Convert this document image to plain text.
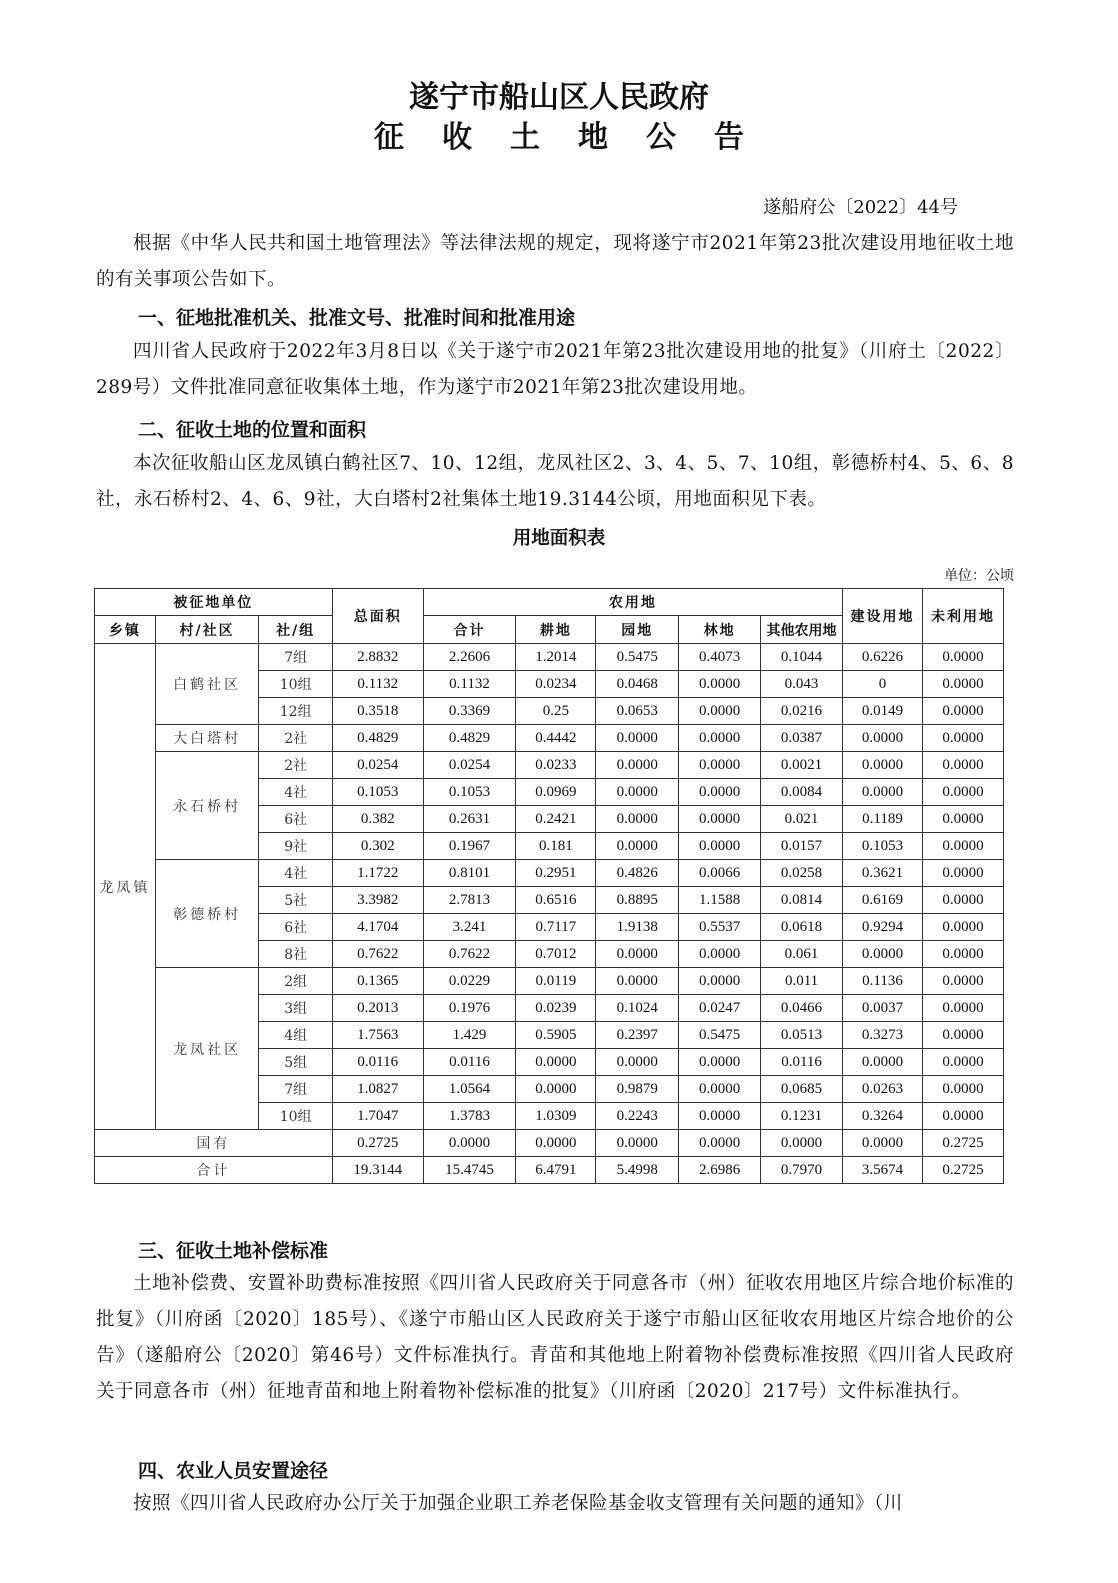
遂宁市船山区人民政府
征收土地公告
遂船府公〔2022〕44号
根据《中华人民共和国土地管理法》等法律法规的规定，现将遂宁市2021年第23批次建设用地征收土地的有关事项公告如下。
一、征地批准机关、批准文号、批准时间和批准用途
四川省人民政府于2022年3月8日以《关于遂宁市2021年第23批次建设用地的批复》（川府土〔2022〕289号）文件批准同意征收集体土地，作为遂宁市2021年第23批次建设用地。
二、征收土地的位置和面积
本次征收船山区龙凤镇白鹤社区7、10、12组，龙凤社区2、3、4、5、7、10组，彰德桥村4、5、6、8社，永石桥村2、4、6、9社，大白塔村2社集体土地19.3144公顷，用地面积见下表。
用地面积表
单位：公顷
被征地单位			总面积	农用地					建设用地	未利用地
乡镇	村/社区	社/组		合计	耕地	园地	林地	其他农用地		
龙凤镇	白鹤社区	7组	2.8832	2.2606	1.2014	0.5475	0.4073	0.1044	0.6226	0.0000
		10组	0.1132	0.1132	0.0234	0.0468	0.0000	0.043	0	0.0000
		12组	0.3518	0.3369	0.25	0.0653	0.0000	0.0216	0.0149	0.0000
	大白塔村	2社	0.4829	0.4829	0.4442	0.0000	0.0000	0.0387	0.0000	0.0000
	永石桥村	2社	0.0254	0.0254	0.0233	0.0000	0.0000	0.0021	0.0000	0.0000
		4社	0.1053	0.1053	0.0969	0.0000	0.0000	0.0084	0.0000	0.0000
		6社	0.382	0.2631	0.2421	0.0000	0.0000	0.021	0.1189	0.0000
		9社	0.302	0.1967	0.181	0.0000	0.0000	0.0157	0.1053	0.0000
	彰德桥村	4社	1.1722	0.8101	0.2951	0.4826	0.0066	0.0258	0.3621	0.0000
		5社	3.3982	2.7813	0.6516	0.8895	1.1588	0.0814	0.6169	0.0000
		6社	4.1704	3.241	0.7117	1.9138	0.5537	0.0618	0.9294	0.0000
		8社	0.7622	0.7622	0.7012	0.0000	0.0000	0.061	0.0000	0.0000
	龙凤社区	2组	0.1365	0.0229	0.0119	0.0000	0.0000	0.011	0.1136	0.0000
		3组	0.2013	0.1976	0.0239	0.1024	0.0247	0.0466	0.0037	0.0000
		4组	1.7563	1.429	0.5905	0.2397	0.5475	0.0513	0.3273	0.0000
		5组	0.0116	0.0116	0.0000	0.0000	0.0000	0.0116	0.0000	0.0000
		7组	1.0827	1.0564	0.0000	0.9879	0.0000	0.0685	0.0263	0.0000
		10组	1.7047	1.3783	1.0309	0.2243	0.0000	0.1231	0.3264	0.0000
国有			0.2725	0.0000	0.0000	0.0000	0.0000	0.0000	0.0000	0.2725
合计			19.3144	15.4745	6.4791	5.4998	2.6986	0.7970	3.5674	0.2725
三、征收土地补偿标准
土地补偿费、安置补助费标准按照《四川省人民政府关于同意各市（州）征收农用地区片综合地价标准的批复》（川府函〔2020〕185号）、《遂宁市船山区人民政府关于遂宁市船山区征收农用地区片综合地价的公告》（遂船府公〔2020〕第46号）文件标准执行。青苗和其他地上附着物补偿费标准按照《四川省人民政府关于同意各市（州）征地青苗和地上附着物补偿标准的批复》（川府函〔2020〕217号）文件标准执行。
四、农业人员安置途径
按照《四川省人民政府办公厅关于加强企业职工养老保险基金收支管理有关问题的通知》（川
